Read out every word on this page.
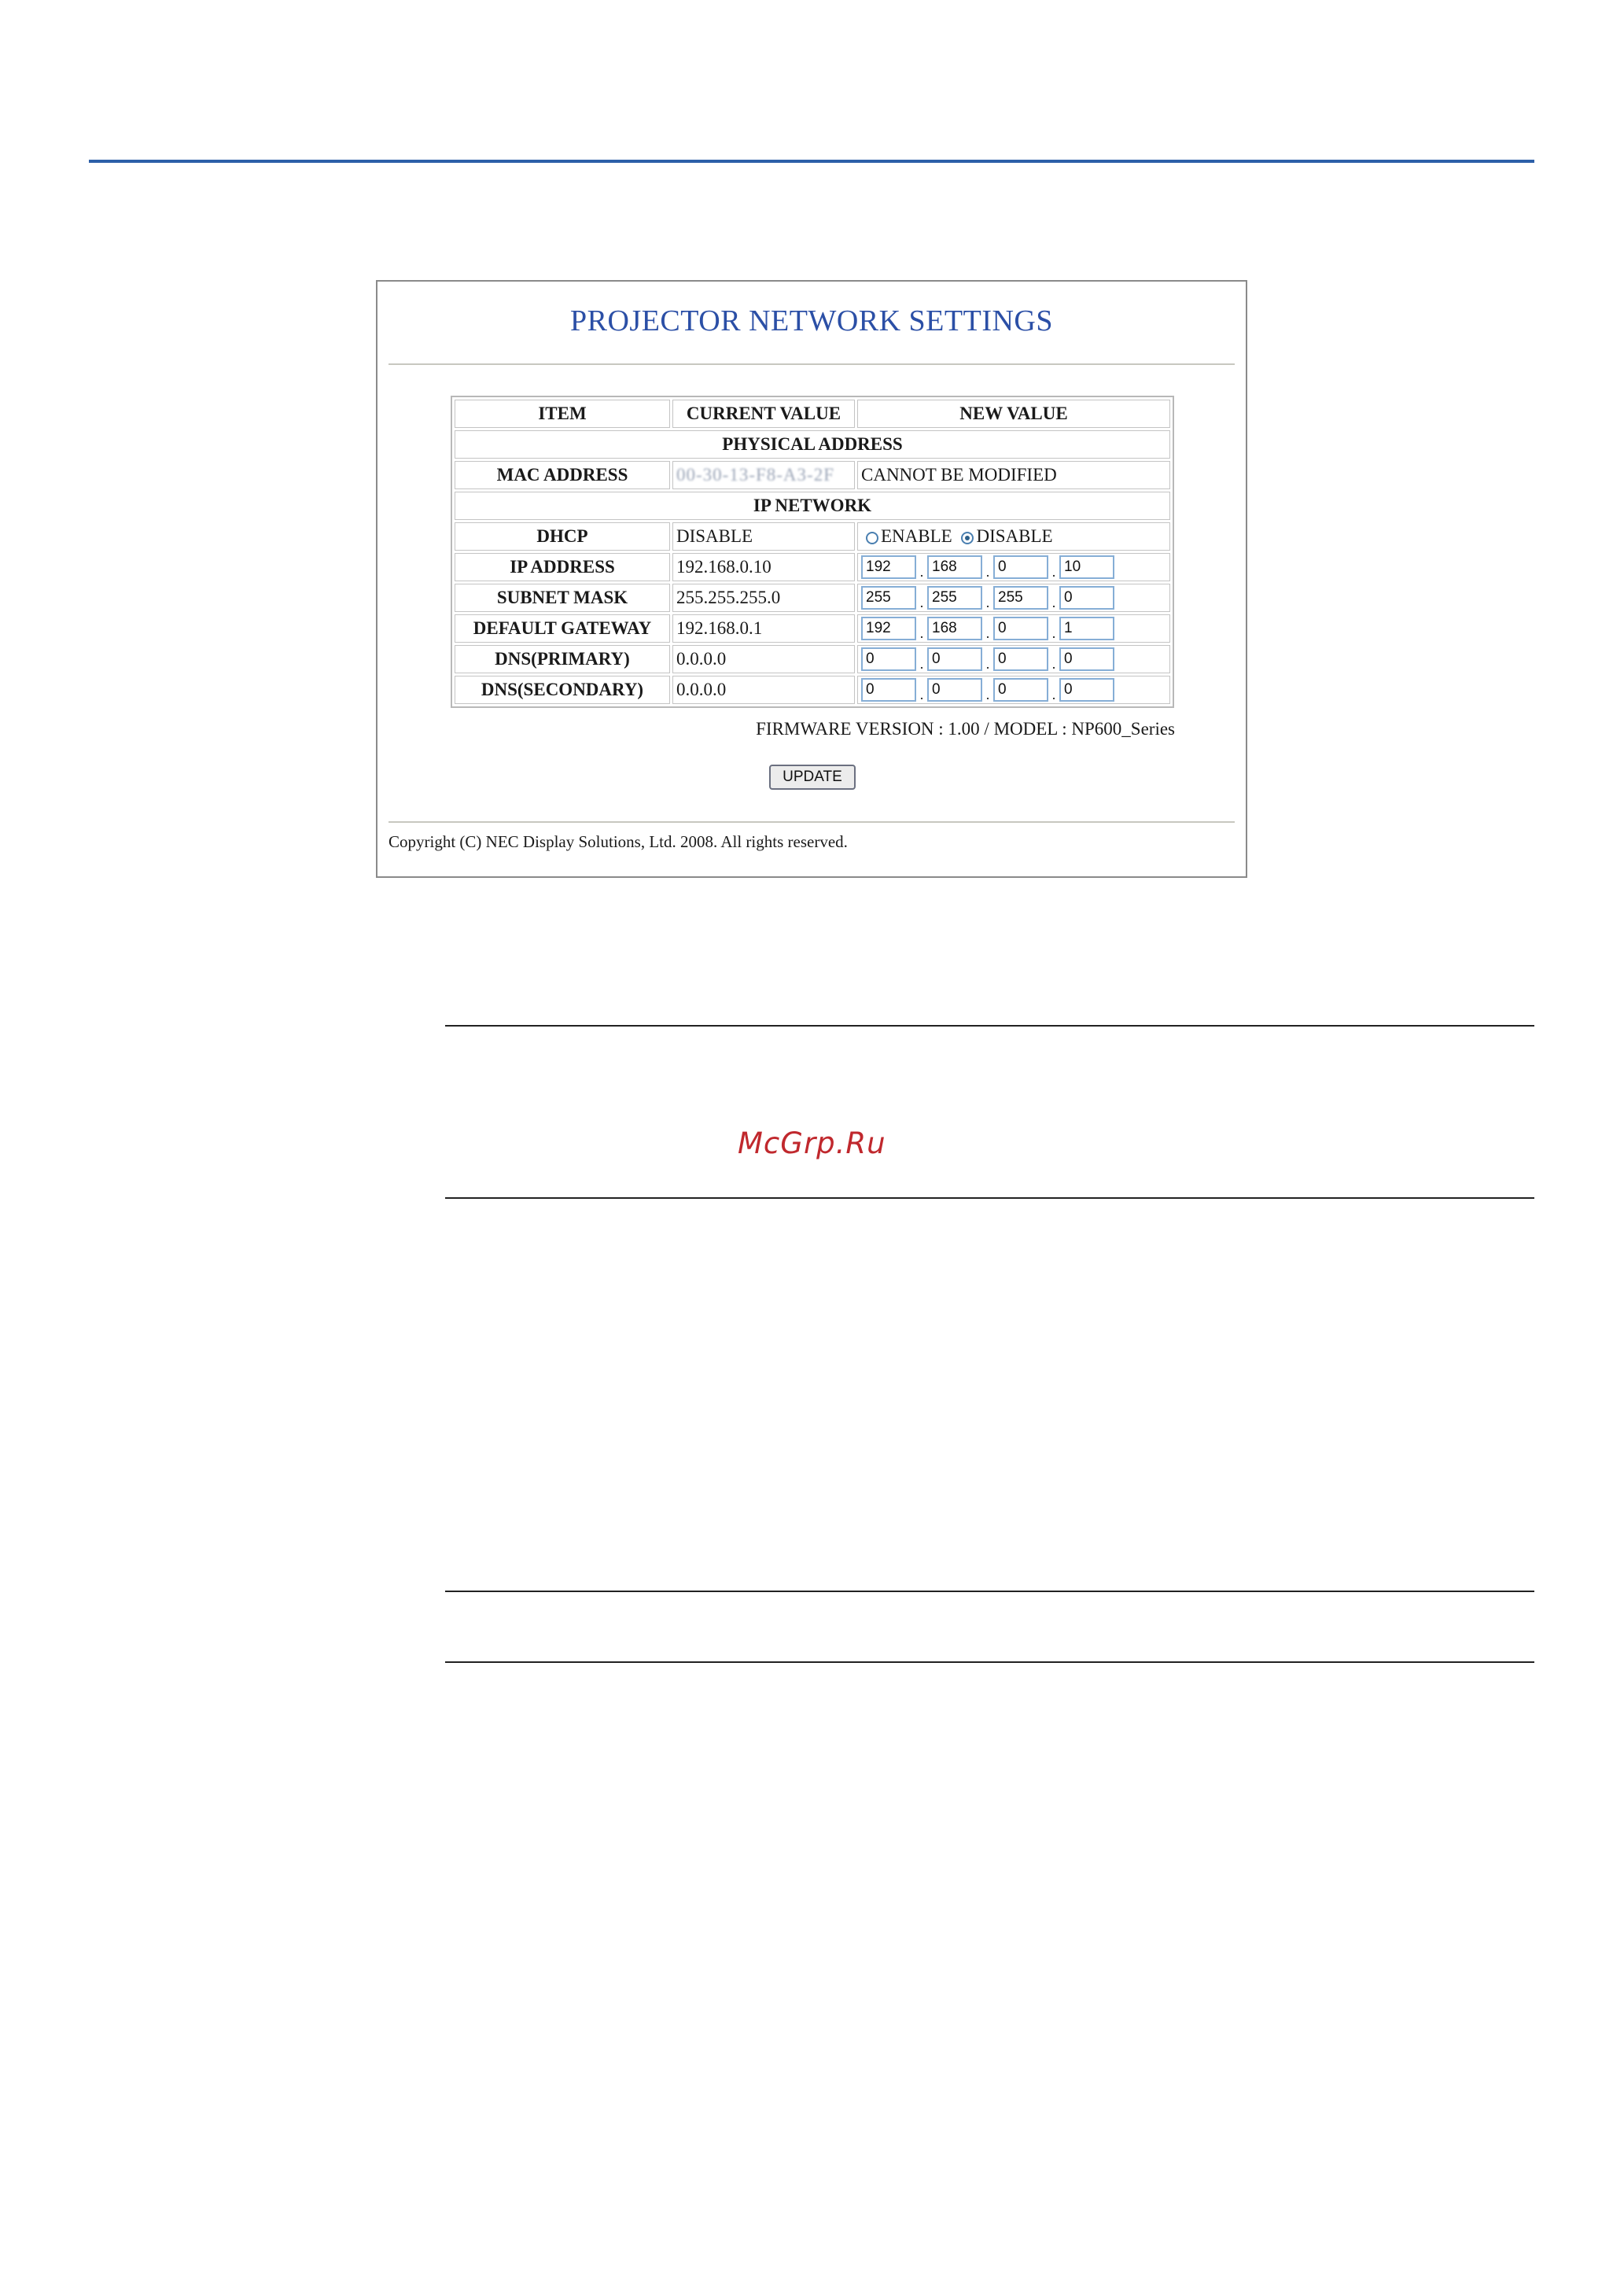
PROJECTOR NETWORK SETTINGS
ITEM	CURRENT VALUE	NEW VALUE
PHYSICAL ADDRESS		
MAC ADDRESS	00-30-13-F8-A3-2F	CANNOT BE MODIFIED
IP NETWORK		
DHCP	DISABLE	ENABLE DISABLE
IP ADDRESS	192.168.0.10	192.168 .0 .10
SUBNET MASK	255.255.255.0	255.255 .255 .0
DEFAULT GATEWAY	192.168.0.1	192.168 .0 .1
DNS(PRIMARY)	0.0.0.0	0.0 .0 .0
DNS(SECONDARY)	0.0.0.0	0.0 .0 .0
FIRMWARE VERSION : 1.00 / MODEL : NP600_Series
UPDATE
Copyright (C) NEC Display Solutions, Ltd. 2008. All rights reserved.
McGrp.Ru
